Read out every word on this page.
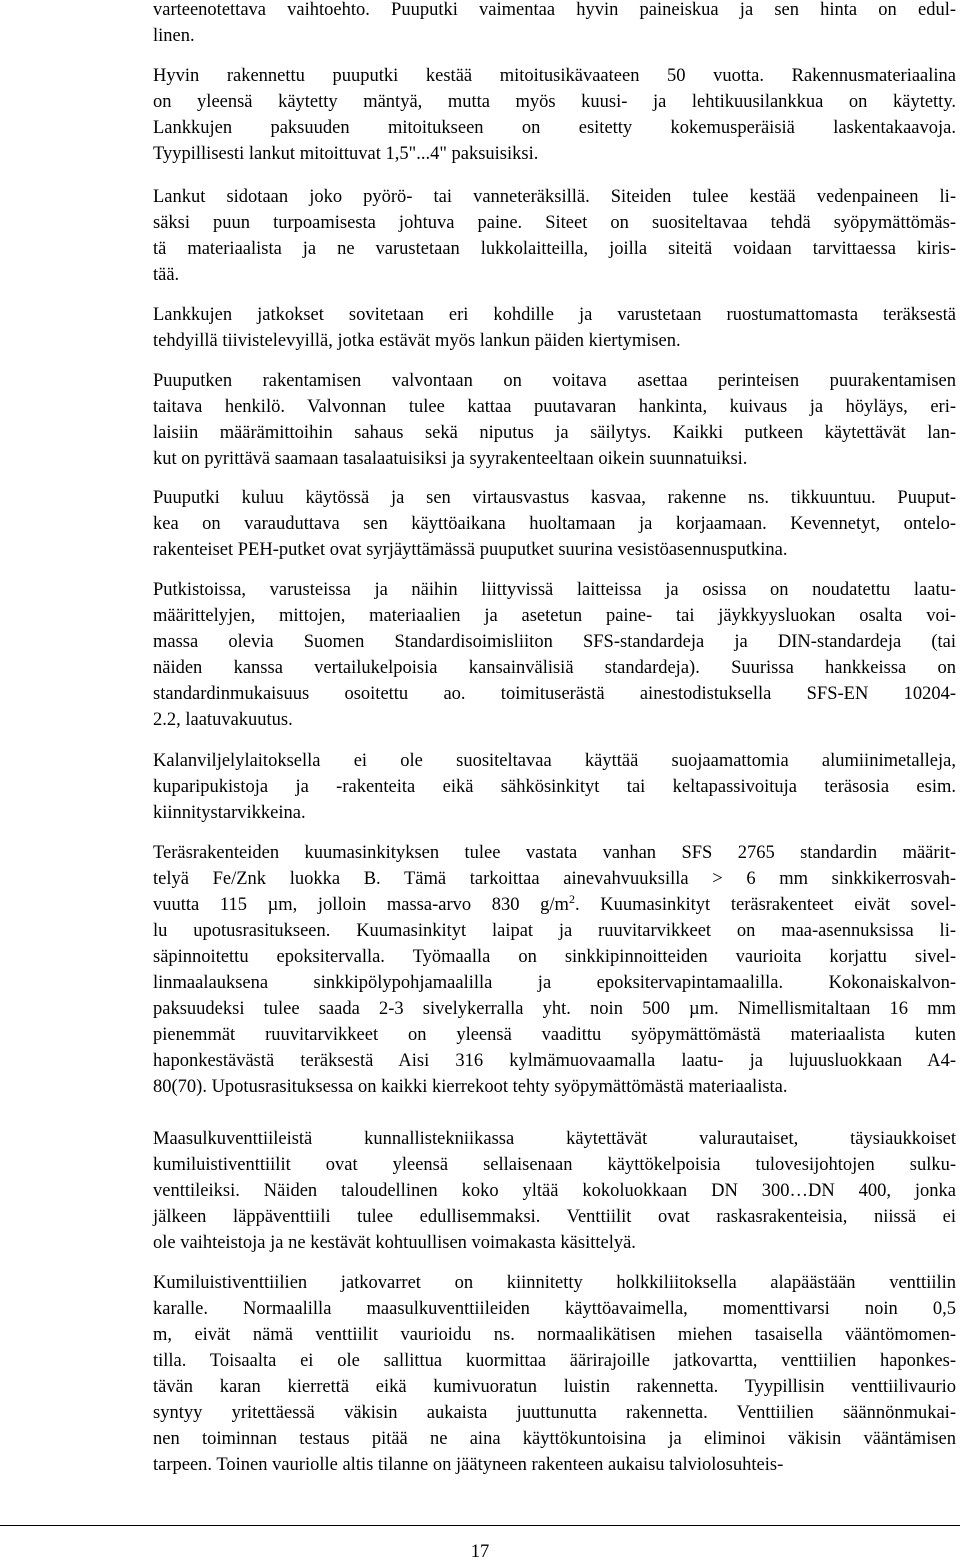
varteenotettava vaihtoehto. Puuputki vaimentaa hyvin paineiskua ja sen hinta on edul-
linen.

Hyvin rakennettu puuputki kestää mitoitusikävaateen 50 vuotta. Rakennusmateriaalina
on yleensä käytetty mäntyä, mutta myös kuusi- ja lehtikuusilankkua on käytetty.
Lankkujen paksuuden mitoitukseen on esitetty kokemusperäisiä laskentakaavoja.
Tyypillisesti lankut mitoittuvat 1,5"...4" paksuisiksi.

Lankut sidotaan joko pyörö- tai vanneteräksillä. Siteiden tulee kestää vedenpaineen li-
säksi puun turpoamisesta johtuva paine. Siteet on suositeltavaa tehdä syöpymättömäs-
tä materiaalista ja ne varustetaan lukkolaitteilla, joilla siteitä voidaan tarvittaessa kiris-
tää.

Lankkujen jatkokset sovitetaan eri kohdille ja varustetaan ruostumattomasta teräksestä
tehdyillä tiivistelevyillä, jotka estävät myös lankun päiden kiertymisen.

Puuputken rakentamisen valvontaan on voitava asettaa perinteisen puurakentamisen
taitava henkilö. Valvonnan tulee kattaa puutavaran hankinta, kuivaus ja höyläys, eri-
laisiin määrämittoihin sahaus sekä niputus ja säilytys. Kaikki putkeen käytettävät lan-
kut on pyrittävä saamaan tasalaatuisiksi ja syyrakenteeltaan oikein suunnatuiksi.

Puuputki kuluu käytössä ja sen virtausvastus kasvaa, rakenne ns. tikkuuntuu. Puuput-
kea on varauduttava sen käyttöaikana huoltamaan ja korjaamaan. Kevennetyt, ontelo-
rakenteiset PEH-putket ovat syrjäyttämässä puuputket suurina vesistöasennusputkina.

Putkistoissa, varusteissa ja näihin liittyvissä laitteissa ja osissa on noudatettu laatu-
määrittelyjen, mittojen, materiaalien ja asetetun paine- tai jäykkyysluokan osalta voi-
massa olevia Suomen Standardisoimisliiton SFS-standardeja ja DIN-standardeja (tai
näiden kanssa vertailukelpoisia kansainvälisiä standardeja). Suurissa hankkeissa on
standardinmukaisuus osoitettu ao. toimituserästä ainestodistuksella SFS-EN 10204-
2.2, laatuvakuutus.

Kalanviljelylaitoksella ei ole suositeltavaa käyttää suojaamattomia alumiinimetalleja,
kuparipukistoja ja -rakenteita eikä sähkösinkityt tai keltapassivoituja teräsosia esim.
kiinnitystarvikkeina.

Teräsrakenteiden kuumasinkityksen tulee vastata vanhan SFS 2765 standardin määrit-
telyä Fe/Znk luokka B. Tämä tarkoittaa ainevahvuuksilla > 6 mm sinkkikerrosvah-
vuutta 115 µm, jolloin massa-arvo 830 $g/m^2$. Kuumasinkityt teräsrakenteet eivät sovel-
lu upotusrasitukseen. Kuumasinkityt laipat ja ruuvitarvikkeet on maa-asennuksissa li-
säpinnoitettu epoksitervalla. Työmaalla on sinkkipinnoitteiden vaurioita korjattu sivel-
linmaalauksena sinkkipölypohjamaalilla ja epoksitervapintamaalilla. Kokonaiskalvon-
paksuudeksi tulee saada 2-3 sivelykerralla yht. noin 500 µm. Nimellismitaltaan 16 mm
pienemmät ruuvitarvikkeet on yleensä vaadittu syöpymättömästä materiaalista kuten
haponkestävästä teräksestä Aisi 316 kylmämuovaamalla laatu- ja lujuusluokkaan A4-
80(70). Upotusrasituksessa on kaikki kierrekoot tehty syöpymättömästä materiaalista.

Maasulkuventtiileistä kunnallistekniikassa käytettävät valurautaiset, täysiaukkoiset
kumiluistiventtiilit ovat yleensä sellaisenaan käyttökelpoisia tulovesijohtojen sulku-
venttileiksi. Näiden taloudellinen koko yltää kokoluokkaan DN 300…DN 400, jonka
jälkeen läppäventtiili tulee edullisemmaksi. Venttiilit ovat raskasrakenteisia, niissä ei
ole vaihteistoja ja ne kestävät kohtuullisen voimakasta käsittelyä.

Kumiluistiventtiilien jatkovarret on kiinnitetty holkkiliitoksella alapäästään venttiilin
karalle. Normaalilla maasulkuventtiileiden käyttöavaimella, momenttivarsi noin 0,5
m, eivät nämä venttiilit vaurioidu ns. normaalikätisen miehen tasaisella vääntömomen-
tilla. Toisaalta ei ole sallittua kuormittaa äärirajoille jatkovartta, venttiilien haponkes-
tävän karan kierrettä eikä kumivuoratun luistin rakennetta. Tyypillisin venttiilivaurio
syntyy yritettäessä väkisin aukaista juuttunutta rakennetta. Venttiilien säännönmukai-
nen toiminnan testaus pitää ne aina käyttökuntoisina ja eliminoi väkisin vääntämisen
tarpeen. Toinen vauriolle altis tilanne on jäätyneen rakenteen aukaisu talviolosuhteis-

17
